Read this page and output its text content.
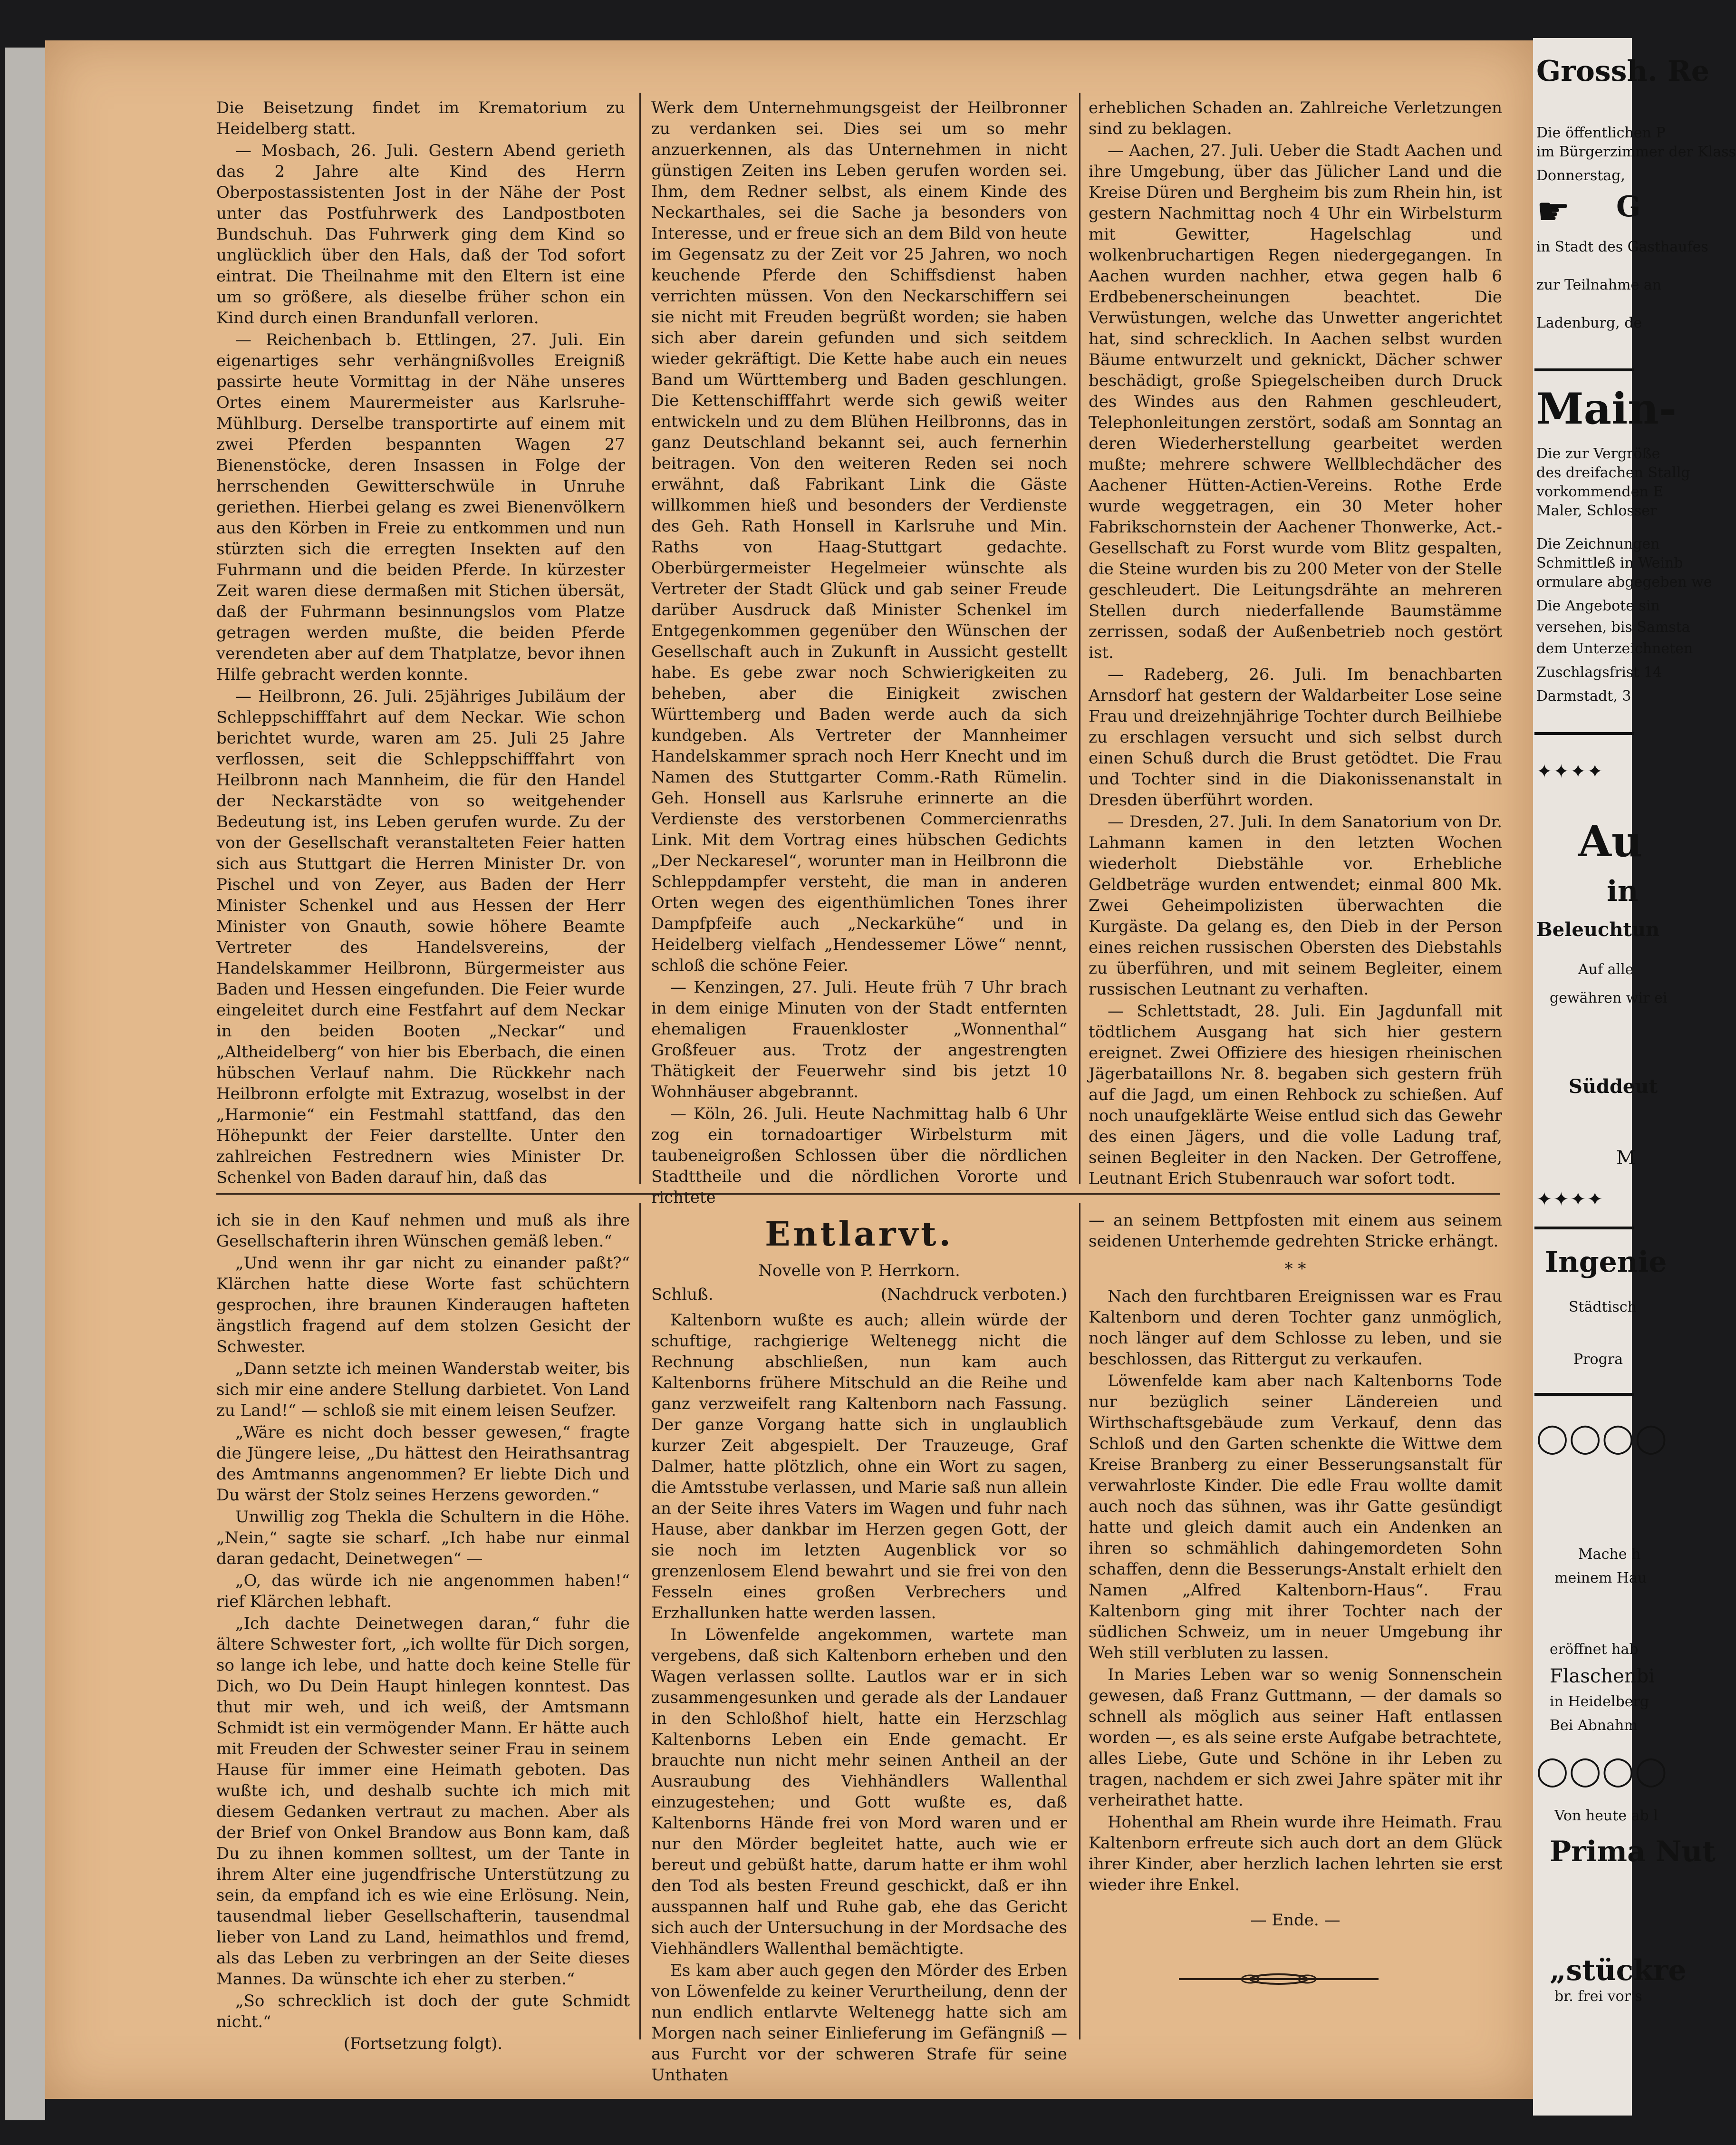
Die Beisetzung findet im Krematorium zu Heidelberg statt.

— Mosbach, 26. Juli. Gestern Abend gerieth das 2 Jahre alte Kind des Herrn Oberpostassistenten Jost in der Nähe der Post unter das Postfuhrwerk des Landpostboten Bundschuh. Das Fuhrwerk ging dem Kind so unglücklich über den Hals, daß der Tod sofort eintrat. Die Theilnahme mit den Eltern ist eine um so größere, als dieselbe früher schon ein Kind durch einen Brandunfall verloren.

— Reichenbach b. Ettlingen, 27. Juli. Ein eigenartiges sehr verhängnißvolles Ereigniß passirte heute Vormittag in der Nähe unseres Ortes einem Maurermeister aus Karlsruhe-Mühlburg. Derselbe transportirte auf einem mit zwei Pferden bespannten Wagen 27 Bienenstöcke, deren Insassen in Folge der herrschenden Gewitterschwüle in Unruhe geriethen. Hierbei gelang es zwei Bienenvölkern aus den Körben in Freie zu entkommen und nun stürzten sich die erregten Insekten auf den Fuhrmann und die beiden Pferde. In kürzester Zeit waren diese dermaßen mit Stichen übersät, daß der Fuhrmann besinnungslos vom Platze getragen werden mußte, die beiden Pferde verendeten aber auf dem Thatplatze, bevor ihnen Hilfe gebracht werden konnte.

— Heilbronn, 26. Juli. 25jähriges Jubiläum der Schleppschifffahrt auf dem Neckar. Wie schon berichtet wurde, waren am 25. Juli 25 Jahre verflossen, seit die Schleppschifffahrt von Heilbronn nach Mannheim, die für den Handel der Neckarstädte von so weitgehender Bedeutung ist, ins Leben gerufen wurde. Zu der von der Gesellschaft veranstalteten Feier hatten sich aus Stuttgart die Herren Minister Dr. von Pischel und von Zeyer, aus Baden der Herr Minister Schenkel und aus Hessen der Herr Minister von Gnauth, sowie höhere Beamte Vertreter des Handelsvereins, der Handelskammer Heilbronn, Bürgermeister aus Baden und Hessen eingefunden. Die Feier wurde eingeleitet durch eine Festfahrt auf dem Neckar in den beiden Booten „Neckar“ und „Altheidelberg“ von hier bis Eberbach, die einen hübschen Verlauf nahm. Die Rückkehr nach Heilbronn erfolgte mit Extrazug, woselbst in der „Harmonie“ ein Festmahl stattfand, das den Höhepunkt der Feier darstellte. Unter den zahlreichen Festrednern wies Minister Dr. Schenkel von Baden darauf hin, daß das

Werk dem Unternehmungsgeist der Heilbronner zu verdanken sei. Dies sei um so mehr anzuerkennen, als das Unternehmen in nicht günstigen Zeiten ins Leben gerufen worden sei. Ihm, dem Redner selbst, als einem Kinde des Neckarthales, sei die Sache ja besonders von Interesse, und er freue sich an dem Bild von heute im Gegensatz zu der Zeit vor 25 Jahren, wo noch keuchende Pferde den Schiffsdienst haben verrichten müssen. Von den Neckarschiffern sei sie nicht mit Freuden begrüßt worden; sie haben sich aber darein gefunden und sich seitdem wieder gekräftigt. Die Kette habe auch ein neues Band um Württemberg und Baden geschlungen. Die Kettenschifffahrt werde sich gewiß weiter entwickeln und zu dem Blühen Heilbronns, das in ganz Deutschland bekannt sei, auch fernerhin beitragen. Von den weiteren Reden sei noch erwähnt, daß Fabrikant Link die Gäste willkommen hieß und besonders der Verdienste des Geh. Rath Honsell in Karlsruhe und Min. Raths von Haag-Stuttgart gedachte. Oberbürgermeister Hegelmeier wünschte als Vertreter der Stadt Glück und gab seiner Freude darüber Ausdruck daß Minister Schenkel im Entgegenkommen gegenüber den Wünschen der Gesellschaft auch in Zukunft in Aussicht gestellt habe. Es gebe zwar noch Schwierigkeiten zu beheben, aber die Einigkeit zwischen Württemberg und Baden werde auch da sich kundgeben. Als Vertreter der Mannheimer Handelskammer sprach noch Herr Knecht und im Namen des Stuttgarter Comm.-Rath Rümelin. Geh. Honsell aus Karlsruhe erinnerte an die Verdienste des verstorbenen Commercienraths Link. Mit dem Vortrag eines hübschen Gedichts „Der Neckaresel“, worunter man in Heilbronn die Schleppdampfer versteht, die man in anderen Orten wegen des eigenthümlichen Tones ihrer Dampfpfeife auch „Neckarkühe“ und in Heidelberg vielfach „Hendessemer Löwe“ nennt, schloß die schöne Feier.

— Kenzingen, 27. Juli. Heute früh 7 Uhr brach in dem einige Minuten von der Stadt entfernten ehemaligen Frauenkloster „Wonnenthal“ Großfeuer aus. Trotz der angestrengten Thätigkeit der Feuerwehr sind bis jetzt 10 Wohnhäuser abgebrannt.

— Köln, 26. Juli. Heute Nachmittag halb 6 Uhr zog ein tornadoartiger Wirbelsturm mit taubeneigroßen Schlossen über die nördlichen Stadttheile und die nördlichen Vororte und richtete

erheblichen Schaden an. Zahlreiche Verletzungen sind zu beklagen.

— Aachen, 27. Juli. Ueber die Stadt Aachen und ihre Umgebung, über das Jülicher Land und die Kreise Düren und Bergheim bis zum Rhein hin, ist gestern Nachmittag noch 4 Uhr ein Wirbelsturm mit Gewitter, Hagelschlag und wolkenbruchartigen Regen niedergegangen. In Aachen wurden nachher, etwa gegen halb 6 Erdbebenerscheinungen beachtet. Die Verwüstungen, welche das Unwetter angerichtet hat, sind schrecklich. In Aachen selbst wurden Bäume entwurzelt und geknickt, Dächer schwer beschädigt, große Spiegelscheiben durch Druck des Windes aus den Rahmen geschleudert, Telephonleitungen zerstört, sodaß am Sonntag an deren Wiederherstellung gearbeitet werden mußte; mehrere schwere Wellblechdächer des Aachener Hütten-Actien-Vereins. Rothe Erde wurde weggetragen, ein 30 Meter hoher Fabrikschornstein der Aachener Thonwerke, Act.-Gesellschaft zu Forst wurde vom Blitz gespalten, die Steine wurden bis zu 200 Meter von der Stelle geschleudert. Die Leitungsdrähte an mehreren Stellen durch niederfallende Baumstämme zerrissen, sodaß der Außenbetrieb noch gestört ist.

— Radeberg, 26. Juli. Im benachbarten Arnsdorf hat gestern der Waldarbeiter Lose seine Frau und dreizehnjährige Tochter durch Beilhiebe zu erschlagen versucht und sich selbst durch einen Schuß durch die Brust getödtet. Die Frau und Tochter sind in die Diakonissenanstalt in Dresden überführt worden.

— Dresden, 27. Juli. In dem Sanatorium von Dr. Lahmann kamen in den letzten Wochen wiederholt Diebstähle vor. Erhebliche Geldbeträge wurden entwendet; einmal 800 Mk. Zwei Geheimpolizisten überwachten die Kurgäste. Da gelang es, den Dieb in der Person eines reichen russischen Obersten des Diebstahls zu überführen, und mit seinem Begleiter, einem russischen Leutnant zu verhaften.

— Schlettstadt, 28. Juli. Ein Jagdunfall mit tödtlichem Ausgang hat sich hier gestern ereignet. Zwei Offiziere des hiesigen rheinischen Jägerbataillons Nr. 8. begaben sich gestern früh auf die Jagd, um einen Rehbock zu schießen. Auf noch unaufgeklärte Weise entlud sich das Gewehr des einen Jägers, und die volle Ladung traf, seinen Begleiter in den Nacken. Der Getroffene, Leutnant Erich Stubenrauch war sofort todt.

ich sie in den Kauf nehmen und muß als ihre Gesellschafterin ihren Wünschen gemäß leben.“

„Und wenn ihr gar nicht zu einander paßt?“ Klärchen hatte diese Worte fast schüchtern gesprochen, ihre braunen Kinderaugen hafteten ängstlich fragend auf dem stolzen Gesicht der Schwester.

„Dann setzte ich meinen Wanderstab weiter, bis sich mir eine andere Stellung darbietet. Von Land zu Land!“ — schloß sie mit einem leisen Seufzer.

„Wäre es nicht doch besser gewesen,“ fragte die Jüngere leise, „Du hättest den Heirathsantrag des Amtmanns angenommen? Er liebte Dich und Du wärst der Stolz seines Herzens geworden.“

Unwillig zog Thekla die Schultern in die Höhe. „Nein,“ sagte sie scharf. „Ich habe nur einmal daran gedacht, Deinetwegen“ —

„O, das würde ich nie angenommen haben!“ rief Klärchen lebhaft.

„Ich dachte Deinetwegen daran,“ fuhr die ältere Schwester fort, „ich wollte für Dich sorgen, so lange ich lebe, und hatte doch keine Stelle für Dich, wo Du Dein Haupt hinlegen konntest. Das thut mir weh, und ich weiß, der Amtsmann Schmidt ist ein vermögender Mann. Er hätte auch mit Freuden der Schwester seiner Frau in seinem Hause für immer eine Heimath geboten. Das wußte ich, und deshalb suchte ich mich mit diesem Gedanken vertraut zu machen. Aber als der Brief von Onkel Brandow aus Bonn kam, daß Du zu ihnen kommen solltest, um der Tante in ihrem Alter eine jugendfrische Unterstützung zu sein, da empfand ich es wie eine Erlösung. Nein, tausendmal lieber Gesellschafterin, tausendmal lieber von Land zu Land, heimathlos und fremd, als das Leben zu verbringen an der Seite dieses Mannes. Da wünschte ich eher zu sterben.“

„So schrecklich ist doch der gute Schmidt nicht.“

(Fortsetzung folgt).

Entlarvt.
Novelle von P. Herrkorn.
Schluß.	(Nachdruck verboten.)

Kaltenborn wußte es auch; allein würde der schuftige, rachgierige Weltenegg nicht die Rechnung abschließen, nun kam auch Kaltenborns frühere Mitschuld an die Reihe und ganz verzweifelt rang Kaltenborn nach Fassung. Der ganze Vorgang hatte sich in unglaublich kurzer Zeit abgespielt. Der Trauzeuge, Graf Dalmer, hatte plötzlich, ohne ein Wort zu sagen, die Amtsstube verlassen, und Marie saß nun allein an der Seite ihres Vaters im Wagen und fuhr nach Hause, aber dankbar im Herzen gegen Gott, der sie noch im letzten Augenblick vor so grenzenlosem Elend bewahrt und sie frei von den Fesseln eines großen Verbrechers und Erzhallunken hatte werden lassen.

In Löwenfelde angekommen, wartete man vergebens, daß sich Kaltenborn erheben und den Wagen verlassen sollte. Lautlos war er in sich zusammengesunken und gerade als der Landauer in den Schloßhof hielt, hatte ein Herzschlag Kaltenborns Leben ein Ende gemacht. Er brauchte nun nicht mehr seinen Antheil an der Ausraubung des Viehhändlers Wallenthal einzugestehen; und Gott wußte es, daß Kaltenborns Hände frei von Mord waren und er nur den Mörder begleitet hatte, auch wie er bereut und gebüßt hatte, darum hatte er ihm wohl den Tod als besten Freund geschickt, daß er ihn ausspannen half und Ruhe gab, ehe das Gericht sich auch der Untersuchung in der Mordsache des Viehhändlers Wallenthal bemächtigte.

Es kam aber auch gegen den Mörder des Erben von Löwenfelde zu keiner Verurtheilung, denn der nun endlich entlarvte Weltenegg hatte sich am Morgen nach seiner Einlieferung im Gefängniß — aus Furcht vor der schweren Strafe für seine Unthaten

— an seinem Bettpfosten mit einem aus seinem seidenen Unterhemde gedrehten Stricke erhängt.

* *

Nach den furchtbaren Ereignissen war es Frau Kaltenborn und deren Tochter ganz unmöglich, noch länger auf dem Schlosse zu leben, und sie beschlossen, das Rittergut zu verkaufen.

Löwenfelde kam aber nach Kaltenborns Tode nur bezüglich seiner Ländereien und Wirthschaftsgebäude zum Verkauf, denn das Schloß und den Garten schenkte die Wittwe dem Kreise Branberg zu einer Besserungsanstalt für verwahrloste Kinder. Die edle Frau wollte damit auch noch das sühnen, was ihr Gatte gesündigt hatte und gleich damit auch ein Andenken an ihren so schmählich dahingemordeten Sohn schaffen, denn die Besserungs-Anstalt erhielt den Namen „Alfred Kaltenborn-Haus“. Frau Kaltenborn ging mit ihrer Tochter nach der südlichen Schweiz, um in neuer Umgebung ihr Weh still verbluten zu lassen.

In Maries Leben war so wenig Sonnenschein gewesen, daß Franz Guttmann, — der damals so schnell als möglich aus seiner Haft entlassen worden —, es als seine erste Aufgabe betrachtete, alles Liebe, Gute und Schöne in ihr Leben zu tragen, nachdem er sich zwei Jahre später mit ihr verheirathet hatte.

Hohenthal am Rhein wurde ihre Heimath. Frau Kaltenborn erfreute sich auch dort an dem Glück ihrer Kinder, aber herzlich lachen lehrten sie erst wieder ihre Enkel.

— Ende. —

Grossh. Re
Die öffentlichen P
im Bürgerzimmer der Klass
Donnerstag,
☛ G
in Stadt des Gasthaufes
zur Teilnahme an
Ladenburg, de
Main-
Die zur Vergröße
des dreifachen Stallg
vorkommenden E
Maler, Schlosser
Die Zeichnungen
Schmittleß in Weinb
ormulare abgegeben we
Die Angebote sin
versehen, bis Samsta
dem Unterzeichneten
Zuschlagsfrist 14
Darmstadt, 3
✦✦✦✦
Au
in
Beleuchtun
Auf alle
gewähren wir ei
Süddeut
M
✦✦✦✦
Ingenie
Städtisch
Progra
◯◯◯◯
Mache h
meinem Hau
eröffnet hab
Flaschenbi
in Heidelberg
Bei Abnahm
◯◯◯◯
Von heute ab l
Prima Nut
„stückre
br. frei vor's
